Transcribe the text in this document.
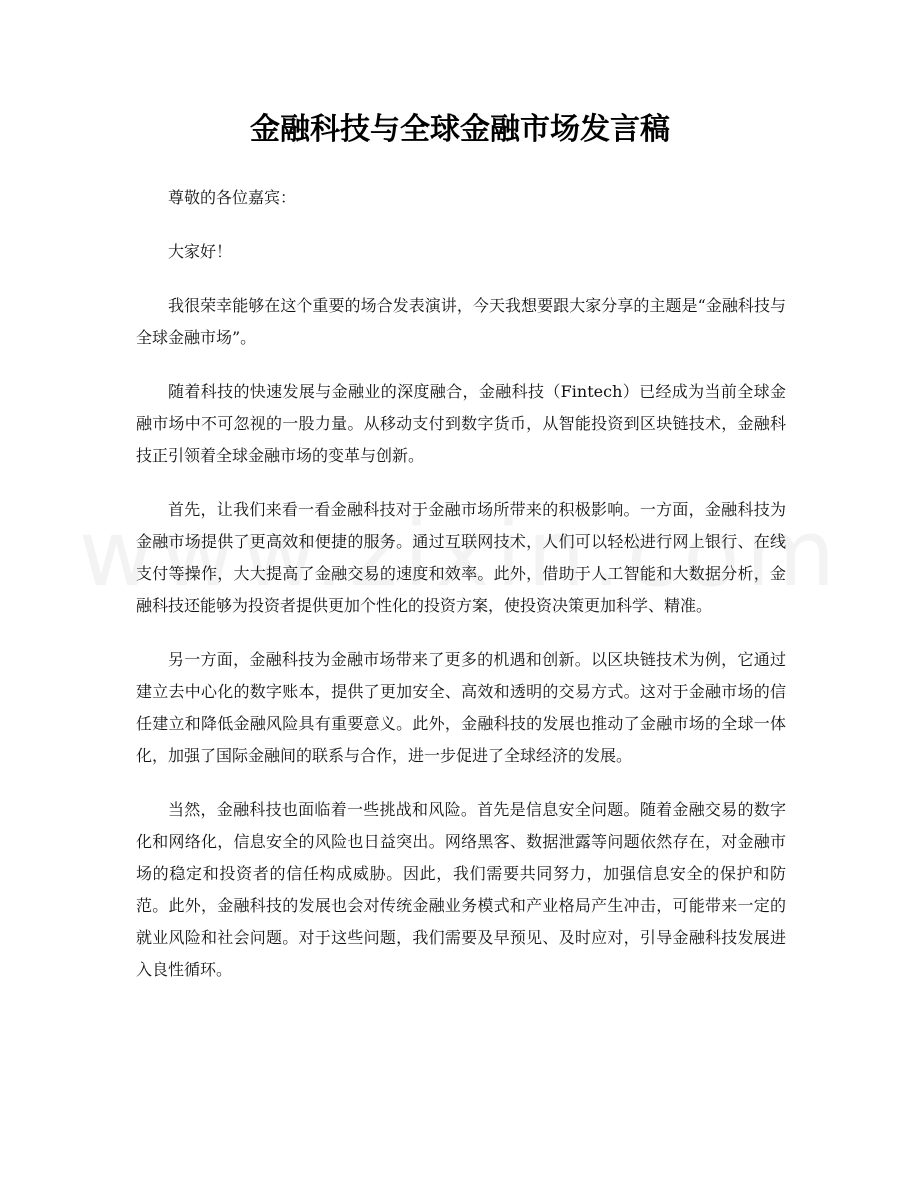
金融科技与全球金融市场发言稿

尊敬的各位嘉宾：

大家好！

我很荣幸能够在这个重要的场合发表演讲，今天我想要跟大家分享的主题是“金融科技与全球金融市场”。

随着科技的快速发展与金融业的深度融合，金融科技（Fintech）已经成为当前全球金融市场中不可忽视的一股力量。从移动支付到数字货币，从智能投资到区块链技术，金融科技正引领着全球金融市场的变革与创新。

首先，让我们来看一看金融科技对于金融市场所带来的积极影响。一方面，金融科技为金融市场提供了更高效和便捷的服务。通过互联网技术，人们可以轻松进行网上银行、在线支付等操作，大大提高了金融交易的速度和效率。此外，借助于人工智能和大数据分析，金融科技还能够为投资者提供更加个性化的投资方案，使投资决策更加科学、精准。

另一方面，金融科技为金融市场带来了更多的机遇和创新。以区块链技术为例，它通过建立去中心化的数字账本，提供了更加安全、高效和透明的交易方式。这对于金融市场的信任建立和降低金融风险具有重要意义。此外，金融科技的发展也推动了金融市场的全球一体化，加强了国际金融间的联系与合作，进一步促进了全球经济的发展。

当然，金融科技也面临着一些挑战和风险。首先是信息安全问题。随着金融交易的数字化和网络化，信息安全的风险也日益突出。网络黑客、数据泄露等问题依然存在，对金融市场的稳定和投资者的信任构成威胁。因此，我们需要共同努力，加强信息安全的保护和防范。此外，金融科技的发展也会对传统金融业务模式和产业格局产生冲击，可能带来一定的就业风险和社会问题。对于这些问题，我们需要及早预见、及时应对，引导金融科技发展进入良性循环。
